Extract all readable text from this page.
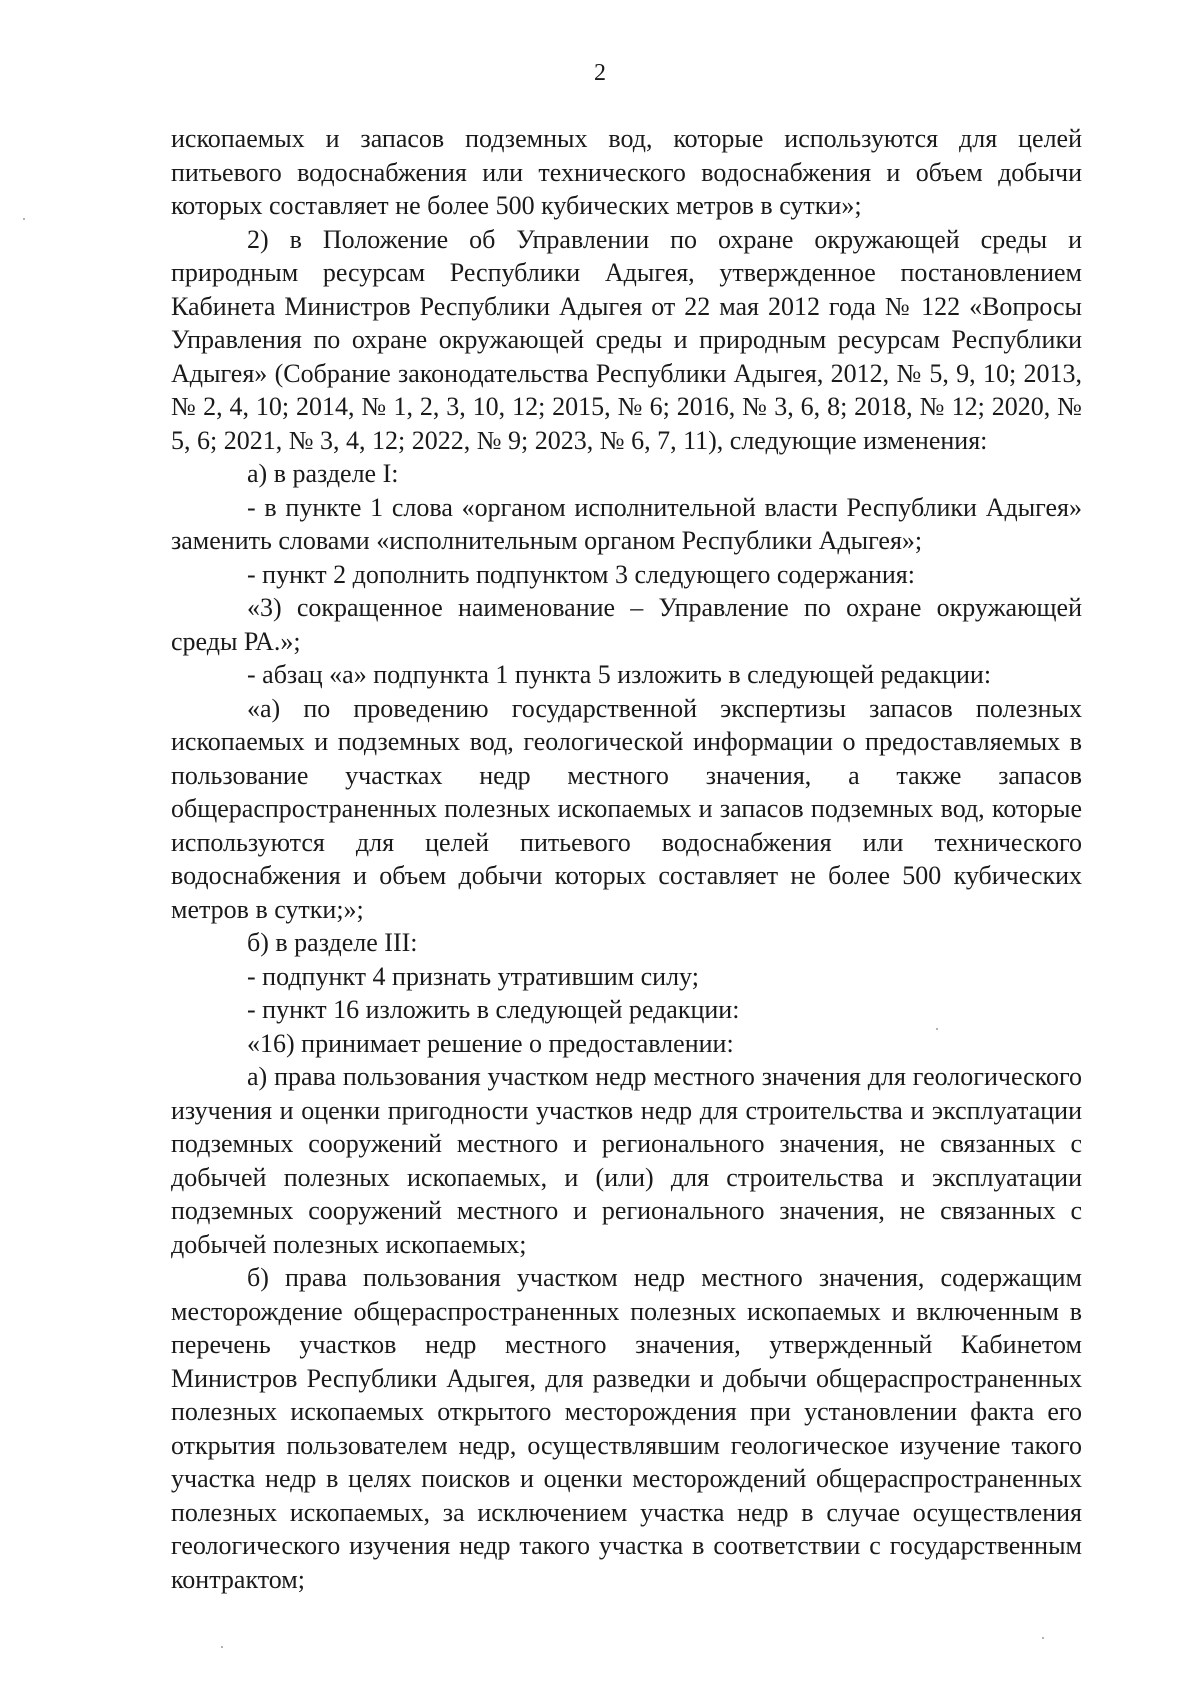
2

ископаемых и запасов подземных вод, которые используются для целей питьевого водоснабжения или технического водоснабжения и объем добычи которых составляет не более 500 кубических метров в сутки»;

2) в Положение об Управлении по охране окружающей среды и природным ресурсам Республики Адыгея, утвержденное постановлением Кабинета Министров Республики Адыгея от 22 мая 2012 года № 122 «Вопросы Управления по охране окружающей среды и природным ресурсам Республики Адыгея» (Собрание законодательства Республики Адыгея, 2012, № 5, 9, 10; 2013, № 2, 4, 10; 2014, № 1, 2, 3, 10, 12; 2015, № 6; 2016, № 3, 6, 8; 2018, № 12; 2020, № 5, 6; 2021, № 3, 4, 12; 2022, № 9; 2023, № 6, 7, 11), следующие изменения:

а) в разделе I:

- в пункте 1 слова «органом исполнительной власти Республики Адыгея» заменить словами «исполнительным органом Республики Адыгея»;

- пункт 2 дополнить подпунктом 3 следующего содержания:

«3) сокращенное наименование – Управление по охране окружающей среды РА.»;

- абзац «а» подпункта 1 пункта 5 изложить в следующей редакции:

«а) по проведению государственной экспертизы запасов полезных ископаемых и подземных вод, геологической информации о предоставляемых в пользование участках недр местного значения, а также запасов общераспространенных полезных ископаемых и запасов подземных вод, которые используются для целей питьевого водоснабжения или технического водоснабжения и объем добычи которых составляет не более 500 кубических метров в сутки;»;

б) в разделе III:

- подпункт 4 признать утратившим силу;

- пункт 16 изложить в следующей редакции:

«16) принимает решение о предоставлении:

а) права пользования участком недр местного значения для геологического изучения и оценки пригодности участков недр для строительства и эксплуатации подземных сооружений местного и регионального значения, не связанных с добычей полезных ископаемых, и (или) для строительства и эксплуатации подземных сооружений местного и регионального значения, не связанных с добычей полезных ископаемых;

б) права пользования участком недр местного значения, содержащим месторождение общераспространенных полезных ископаемых и включенным в перечень участков недр местного значения, утвержденный Кабинетом Министров Республики Адыгея, для разведки и добычи общераспространенных полезных ископаемых открытого месторождения при установлении факта его открытия пользователем недр, осуществлявшим геологическое изучение такого участка недр в целях поисков и оценки месторождений общераспространенных полезных ископаемых, за исключением участка недр в случае осуществления геологического изучения недр такого участка в соответствии с государственным контрактом;
